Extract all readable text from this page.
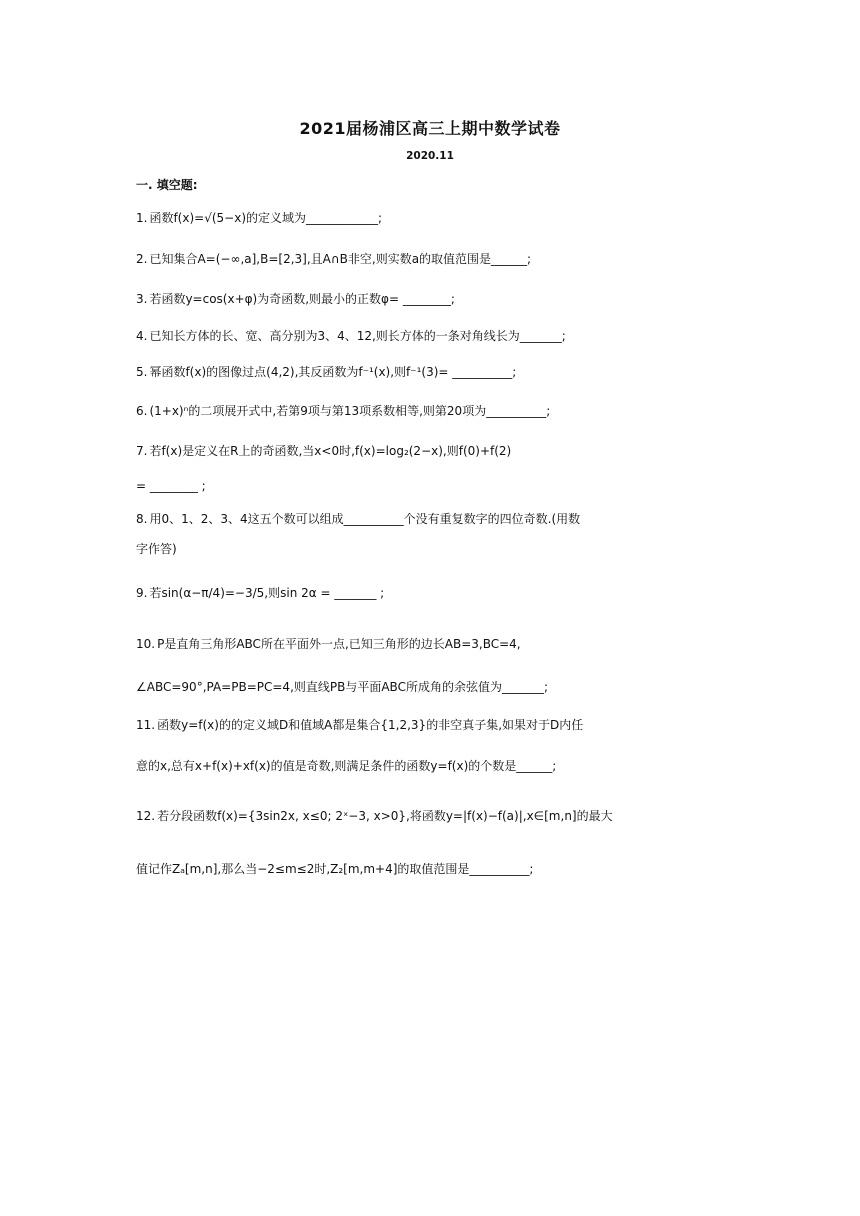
2021届杨浦区高三上期中数学试卷
2020.11
一. 填空题:
1. 函数f(x)=√(5−x)的定义域为____________;
2. 已知集合A=(−∞,a],B=[2,3],且A∩B非空,则实数a的取值范围是______;
3. 若函数y=cos(x+φ)为奇函数,则最小的正数φ= ________;
4. 已知长方体的长、宽、高分别为3、4、12,则长方体的一条对角线长为_______;
5. 幂函数f(x)的图像过点(4,2),其反函数为f⁻¹(x),则f⁻¹(3)= __________;
6. (1+x)ⁿ的二项展开式中,若第9项与第13项系数相等,则第20项为__________;
7. 若f(x)是定义在R上的奇函数,当x<0时,f(x)=log₂(2−x),则f(0)+f(2)
= ________ ;
8. 用0、1、2、3、4这五个数可以组成__________个没有重复数字的四位奇数.(用数
字作答)
9. 若sin(α−π/4)=−3/5,则sin 2α = _______ ;
10. P是直角三角形ABC所在平面外一点,已知三角形的边长AB=3,BC=4,
∠ABC=90°,PA=PB=PC=4,则直线PB与平面ABC所成角的余弦值为_______;
11. 函数y=f(x)的的定义域D和值域A都是集合{1,2,3}的非空真子集,如果对于D内任
意的x,总有x+f(x)+xf(x)的值是奇数,则满足条件的函数y=f(x)的个数是______;
12. 若分段函数f(x)={3sin2x, x≤0; 2ˣ−3, x>0},将函数y=|f(x)−f(a)|,x∈[m,n]的最大
值记作Zₐ[m,n],那么当−2≤m≤2时,Z₂[m,m+4]的取值范围是__________;
